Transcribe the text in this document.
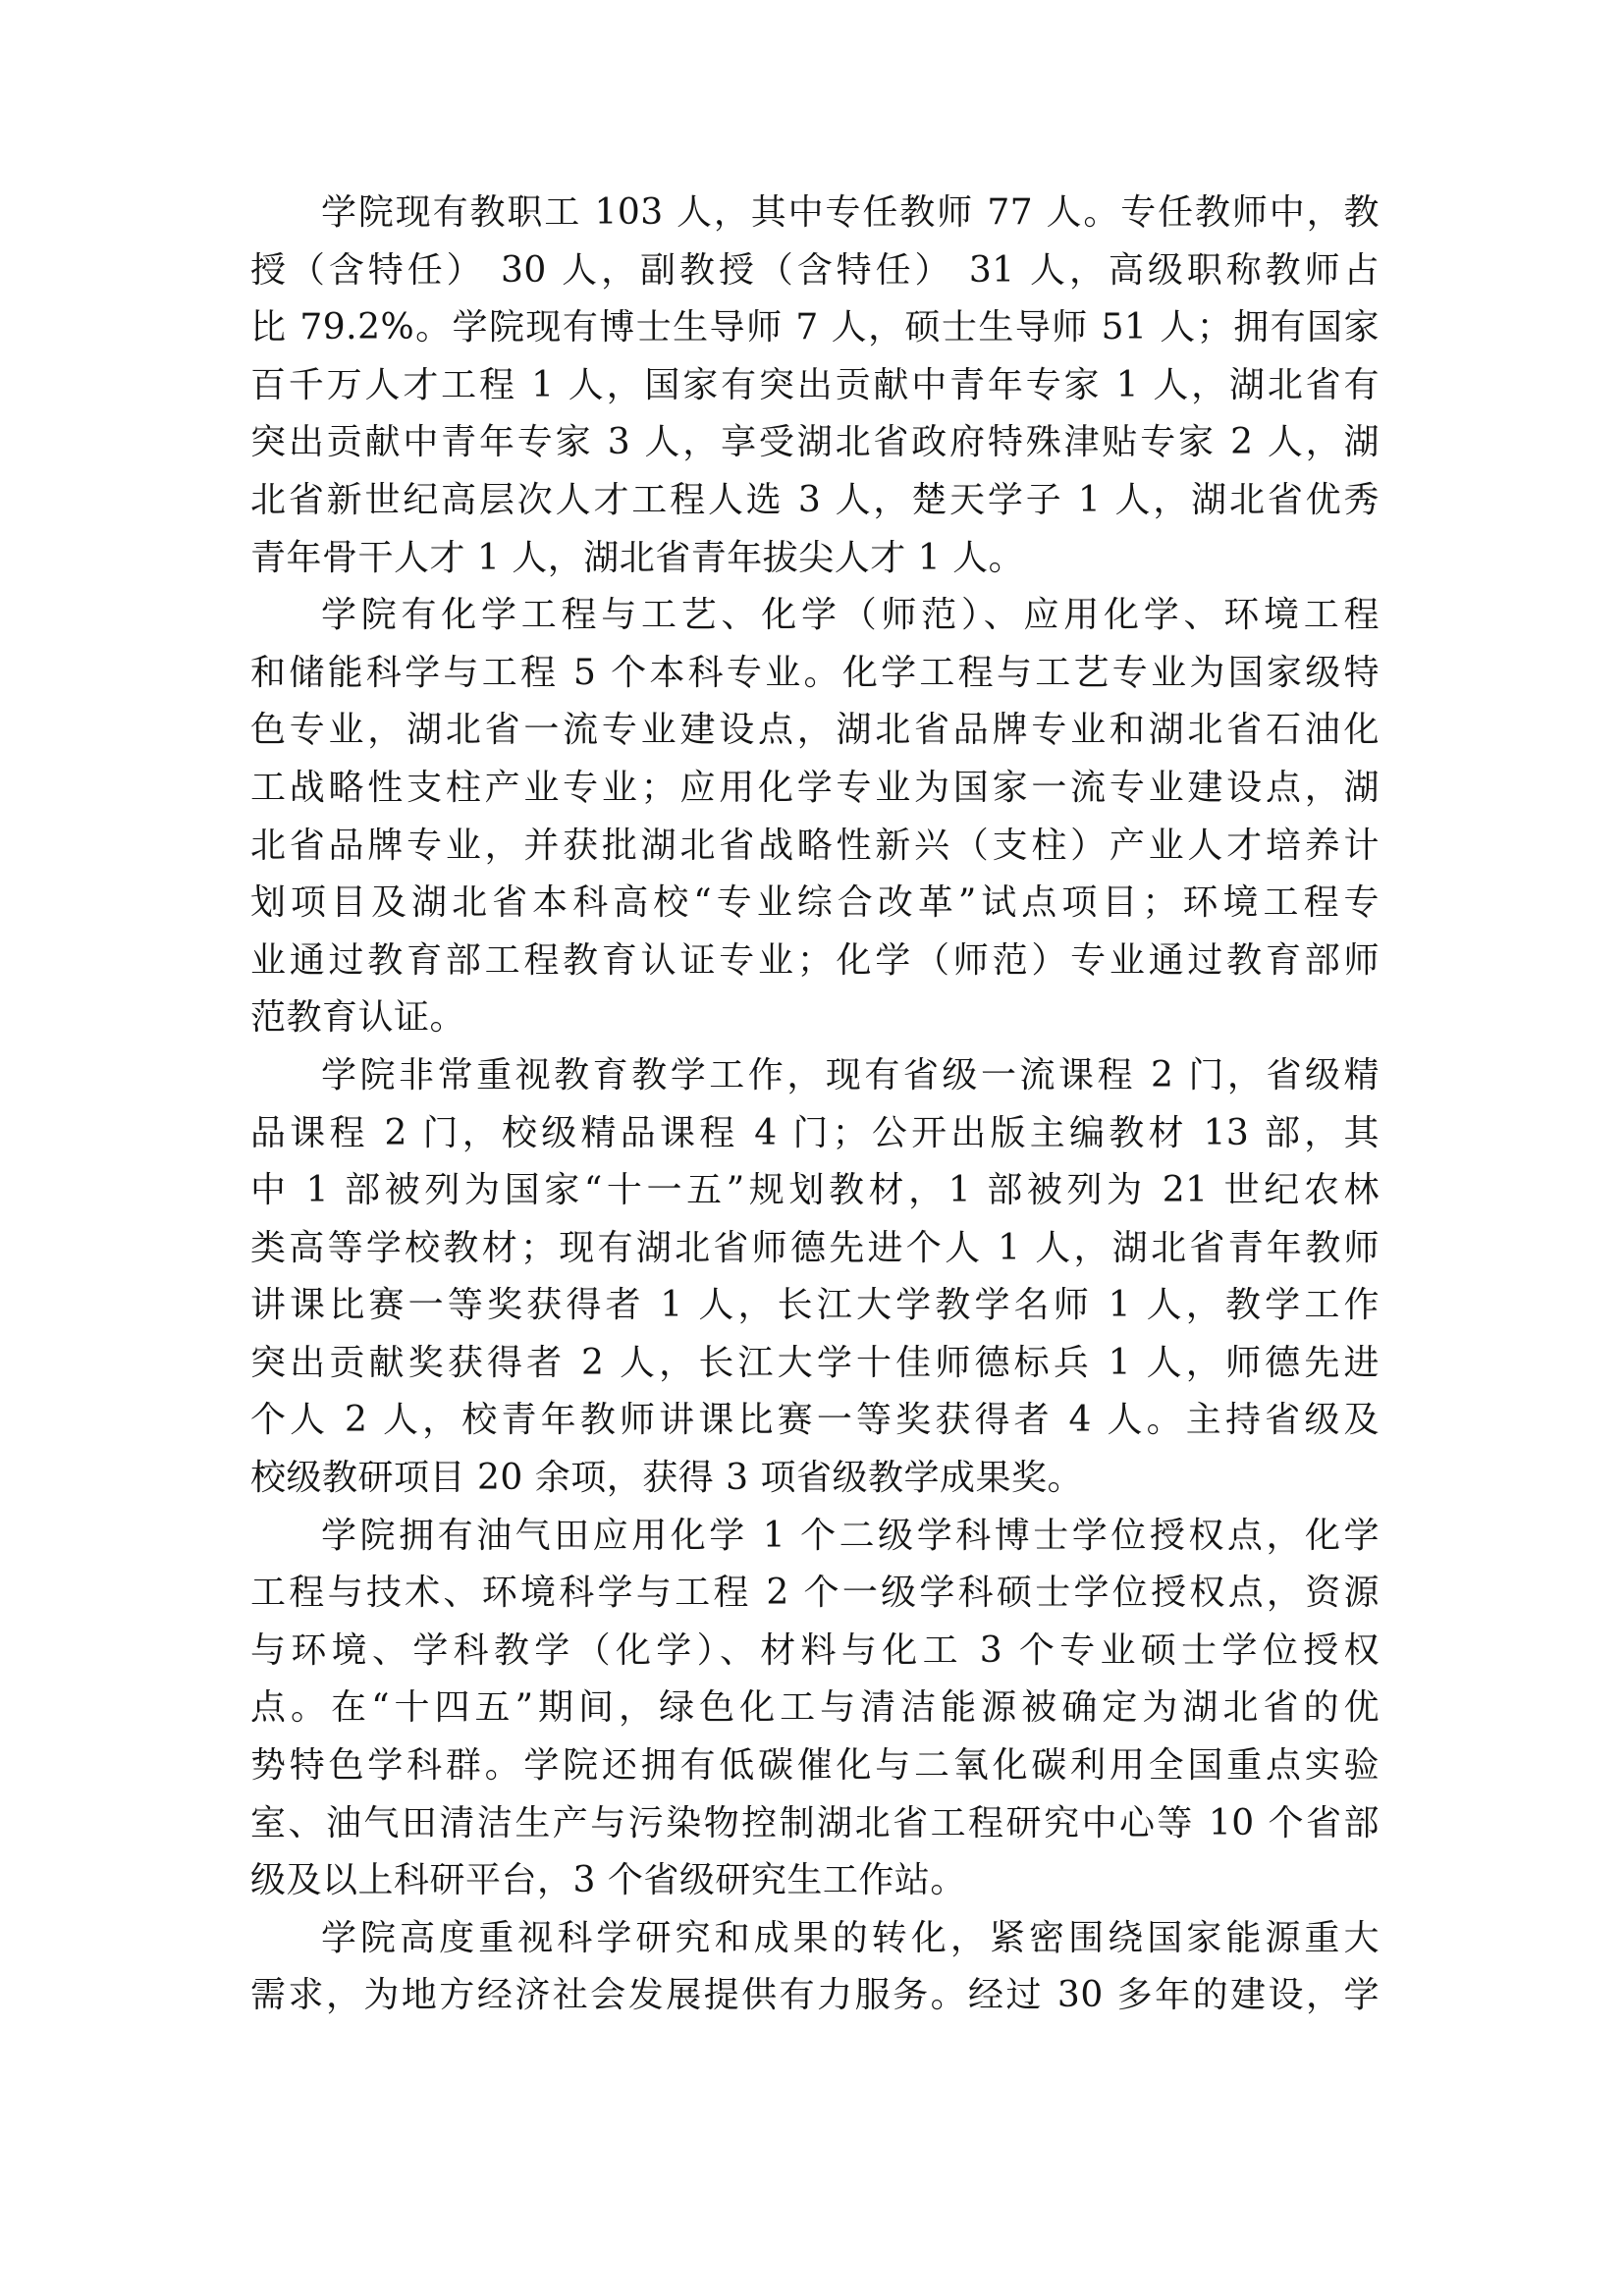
学院现有教职工 103 人，其中专任教师 77 人。专任教师中，教
授（含特任） 30 人，副教授（含特任） 31 人，高级职称教师占
比 79.2%。学院现有博士生导师 7 人，硕士生导师 51 人；拥有国家
百千万人才工程 1 人，国家有突出贡献中青年专家 1 人，湖北省有
突出贡献中青年专家 3 人，享受湖北省政府特殊津贴专家 2 人，湖
北省新世纪高层次人才工程人选 3 人，楚天学子 1 人，湖北省优秀
青年骨干人才 1 人，湖北省青年拔尖人才 1 人。
学院有化学工程与工艺、化学（师范）、应用化学、环境工程
和储能科学与工程 5 个本科专业。化学工程与工艺专业为国家级特
色专业，湖北省一流专业建设点，湖北省品牌专业和湖北省石油化
工战略性支柱产业专业；应用化学专业为国家一流专业建设点，湖
北省品牌专业，并获批湖北省战略性新兴（支柱）产业人才培养计
划项目及湖北省本科高校“专业综合改革”试点项目；环境工程专
业通过教育部工程教育认证专业；化学（师范）专业通过教育部师
范教育认证。
学院非常重视教育教学工作，现有省级一流课程 2 门，省级精
品课程 2 门，校级精品课程 4 门；公开出版主编教材 13 部，其
中 1 部被列为国家“十一五”规划教材，1 部被列为 21 世纪农林
类高等学校教材；现有湖北省师德先进个人 1 人，湖北省青年教师
讲课比赛一等奖获得者 1 人，长江大学教学名师 1 人，教学工作
突出贡献奖获得者 2 人，长江大学十佳师德标兵 1 人，师德先进
个人 2 人，校青年教师讲课比赛一等奖获得者 4 人。主持省级及
校级教研项目 20 余项，获得 3 项省级教学成果奖。
学院拥有油气田应用化学 1 个二级学科博士学位授权点，化学
工程与技术、环境科学与工程 2 个一级学科硕士学位授权点，资源
与环境、学科教学（化学）、材料与化工 3 个专业硕士学位授权
点。在“十四五”期间，绿色化工与清洁能源被确定为湖北省的优
势特色学科群。学院还拥有低碳催化与二氧化碳利用全国重点实验
室、油气田清洁生产与污染物控制湖北省工程研究中心等 10 个省部
级及以上科研平台，3 个省级研究生工作站。
学院高度重视科学研究和成果的转化，紧密围绕国家能源重大
需求，为地方经济社会发展提供有力服务。经过 30 多年的建设，学
